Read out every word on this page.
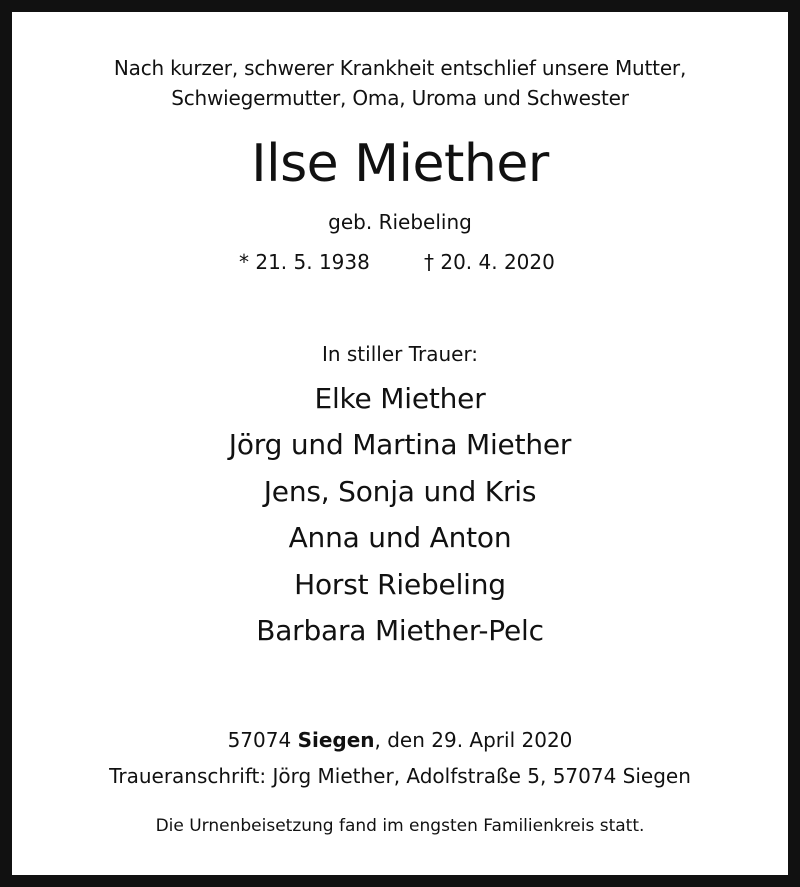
Nach kurzer, schwerer Krankheit entschlief unsere Mutter,
Schwiegermutter, Oma, Uroma und Schwester
Ilse Miether
geb. Riebeling
* 21. 5. 1938	† 20. 4. 2020
In stiller Trauer:
Elke Miether
Jörg und Martina Miether
Jens, Sonja und Kris
Anna und Anton
Horst Riebeling
Barbara Miether-Pelc
57074 Siegen, den 29. April 2020
Traueranschrift: Jörg Miether, Adolfstraße 5, 57074 Siegen
Die Urnenbeisetzung fand im engsten Familienkreis statt.
